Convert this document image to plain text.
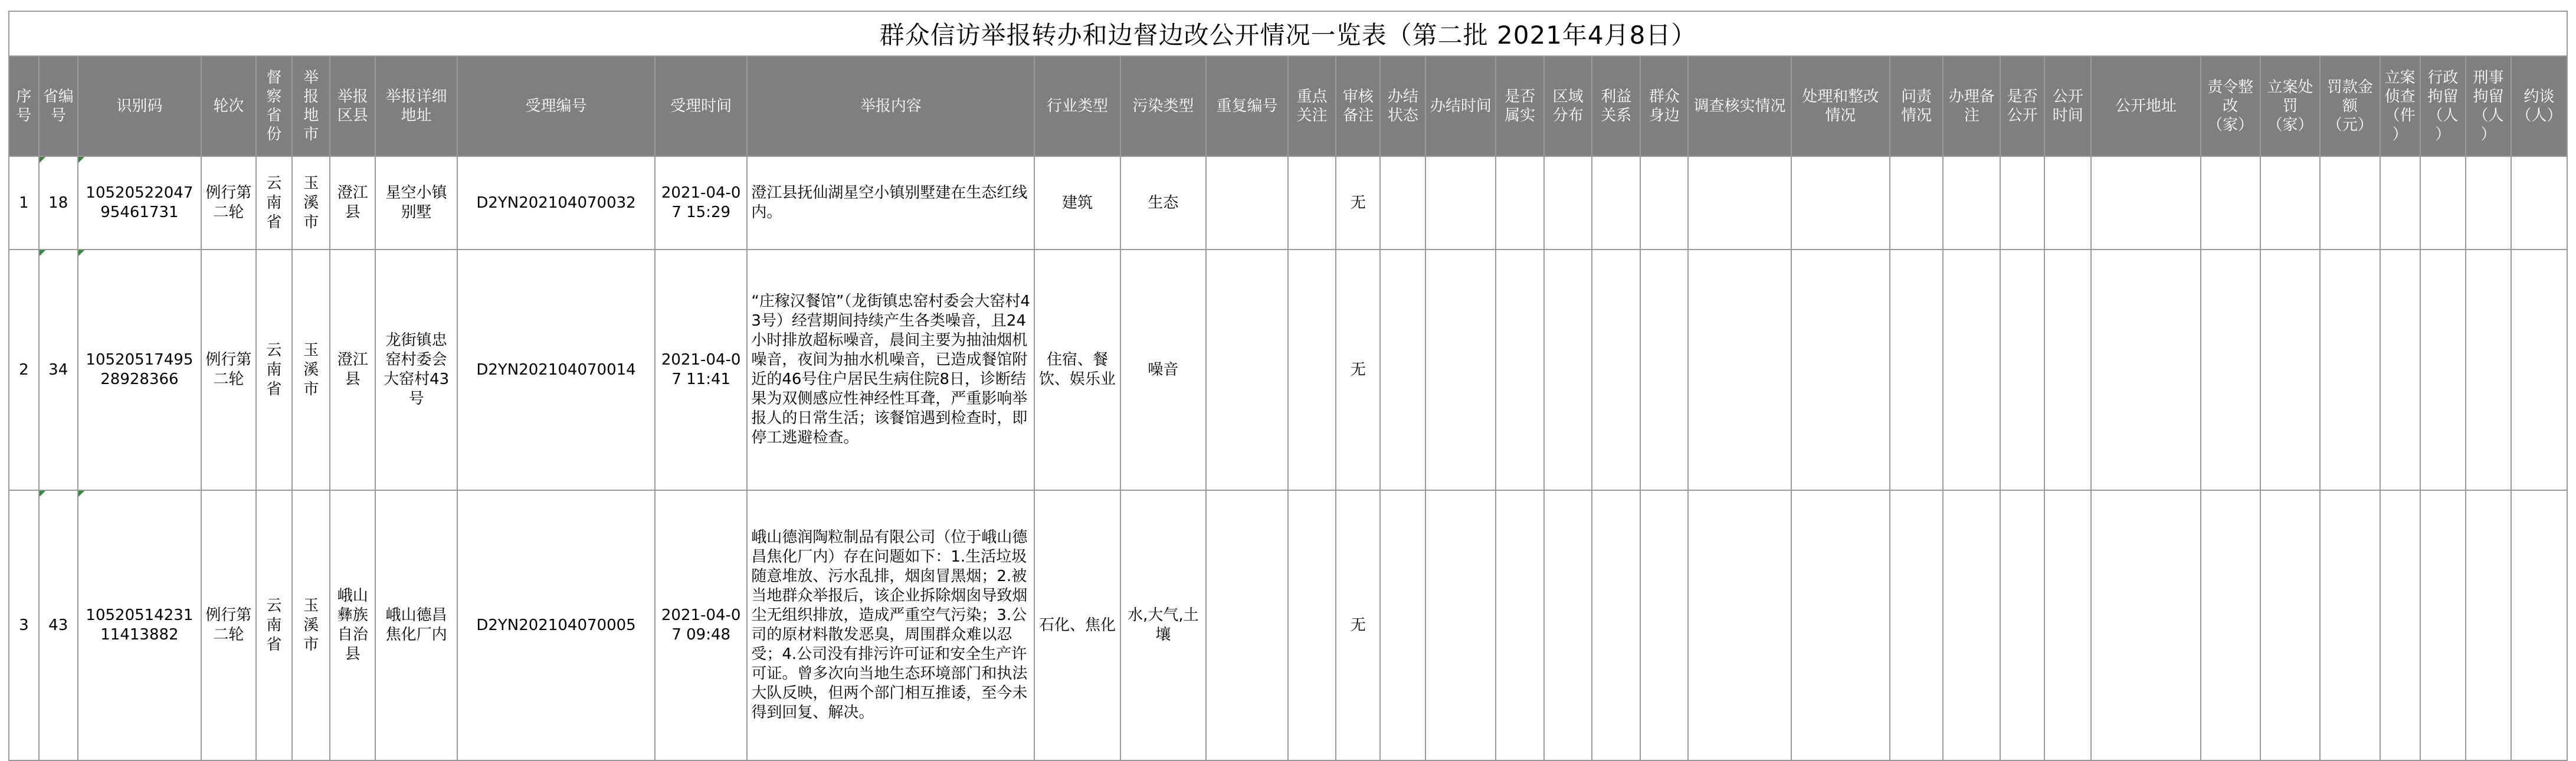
群众信访举报转办和边督边改公开情况一览表（第二批 2021年4月8日）
序号	省编号	识别码	轮次	督察省份	举报地市	举报区县	举报详细地址	受理编号	受理时间	举报内容	行业类型	污染类型	重复编号	重点关注	审核备注	办结状态	办结时间	是否属实	区域分布	利益关系	群众身边	调查核实情况	处理和整改情况	问责情况	办理备注	是否公开	公开时间	公开地址	责令整改（家）	立案处罚（家）	罚款金额（元）	立案侦查（件）	行政拘留（人）	刑事拘留（人）	约谈（人）
1	18	1052052204795461731	例行第二轮	云南省	玉溪市	澄江县	星空小镇别墅	D2YN202104070032	2021-04-07 15:29	澄江县抚仙湖星空小镇别墅建在生态红线内。	建筑	生态			无																				
2	34	1052051749528928366	例行第二轮	云南省	玉溪市	澄江县	龙街镇忠窑村委会大窑村43号	D2YN202104070014	2021-04-07 11:41	“庄稼汉餐馆”（龙街镇忠窑村委会大窑村43号）经营期间持续产生各类噪音，且24小时排放超标噪音，晨间主要为抽油烟机噪音，夜间为抽水机噪音，已造成餐馆附近的46号住户居民生病住院8日，诊断结果为双侧感应性神经性耳聋，严重影响举报人的日常生活；该餐馆遇到检查时，即停工逃避检查。	住宿、餐饮、娱乐业	噪音			无																				
3	43	1052051423111413882	例行第二轮	云南省	玉溪市	峨山彝族自治县	峨山德昌焦化厂内	D2YN202104070005	2021-04-07 09:48	峨山德润陶粒制品有限公司（位于峨山德昌焦化厂内）存在问题如下：1.生活垃圾随意堆放、污水乱排，烟囱冒黑烟；2.被当地群众举报后，该企业拆除烟囱导致烟尘无组织排放，造成严重空气污染；3.公司的原材料散发恶臭，周围群众难以忍受；4.公司没有排污许可证和安全生产许可证。曾多次向当地生态环境部门和执法大队反映，但两个部门相互推诿，至今未得到回复、解决。	石化、焦化	水,大气,土壤			无																				
